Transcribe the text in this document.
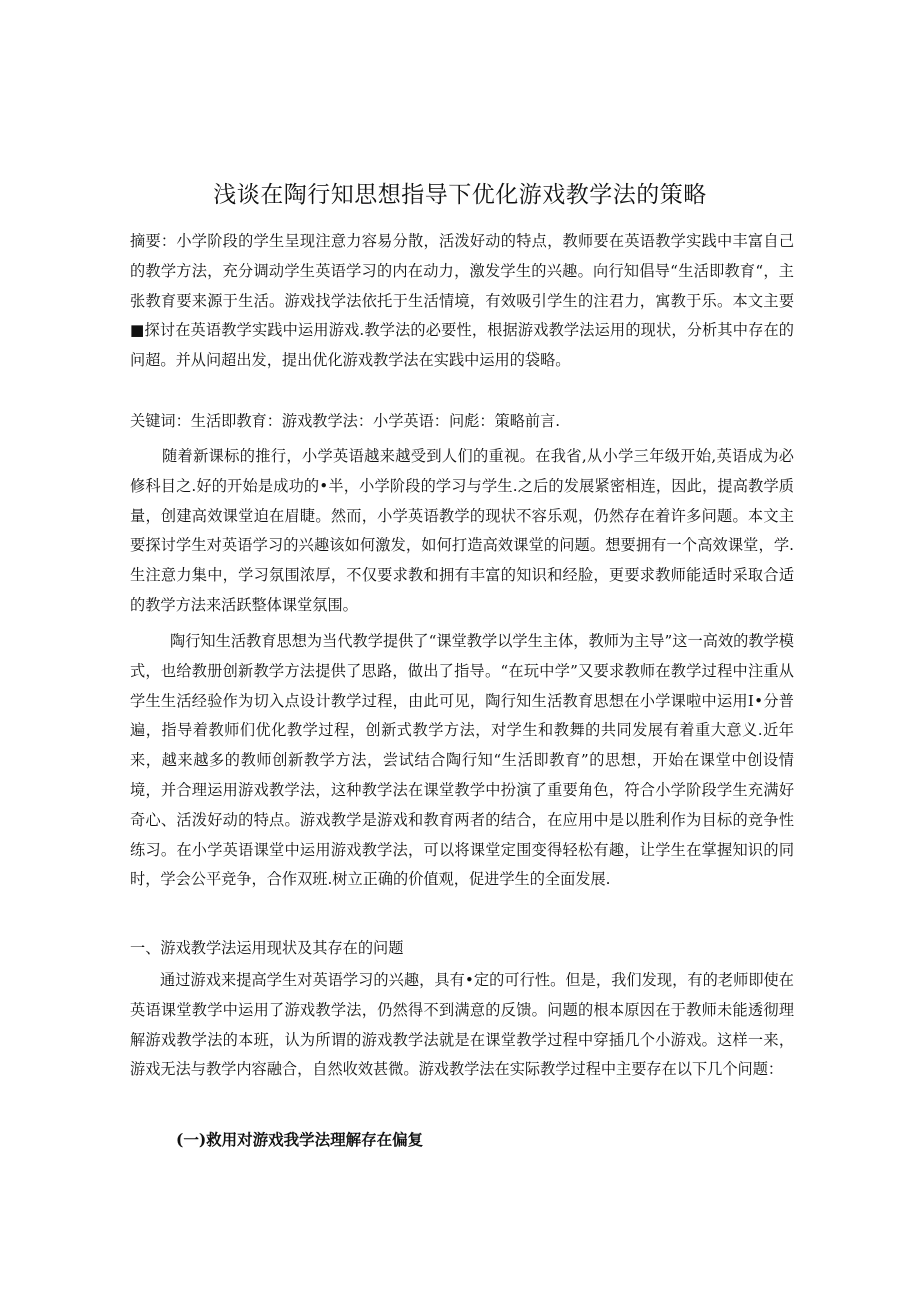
浅谈在陶行知思想指导下优化游戏教学法的策略

摘要：小学阶段的学生呈现注意力容易分散，活泼好动的特点，教师要在英语教学实践中丰富自己的教学方法，充分调动学生英语学习的内在动力，激发学生的兴趣。向行知倡导“生活即教育“，主张教育要来源于生活。游戏找学法依托于生活情境，有效吸引学生的注君力，寓教于乐。本文主要■探讨在英语教学实践中运用游戏.教学法的必要性，根据游戏教学法运用的现状，分析其中存在的问超。并从问超出发，提出优化游戏教学法在实践中运用的袋略。

关键词：生活即教育：游戏教学法：小学英语：问彪：策略前言.

随着新课标的推行，小学英语越来越受到人们的重视。在我省,从小学三年级开始,英语成为必修科目之.好的开始是成功的•半，小学阶段的学习与学生.之后的发展紧密相连，因此，提高教学质量，创建高效课堂迫在眉睫。然而，小学英语教学的现状不容乐观，仍然存在着许多问题。本文主要探讨学生对英语学习的兴趣该如何激发，如何打造高效课堂的问题。想要拥有一个高效课堂，学.生注意力集中，学习氛围浓厚，不仅要求教和拥有丰富的知识和经脸，更要求教师能适时采取合适的教学方法来活跃整体课堂氛围。

陶行知生活教育思想为当代教学提供了“课堂教学以学生主体，教师为主导”这一高效的教学模式，也给教册创新教学方法提供了思路，做出了指导。“在玩中学”又要求教师在教学过程中注重从学生生活经验作为切入点设计教学过程，由此可见，陶行知生活教育思想在小学课啦中运用Ⅰ•分普遍，指导着教师们优化教学过程，创新式教学方法，对学生和教舞的共同发展有着重大意义.近年来，越来越多的教师创新教学方法，尝试结合陶行知“生活即教育”的思想，开始在课堂中创设情境，并合理运用游戏教学法，这种教学法在课堂教学中扮演了重要角色，符合小学阶段学生充满好奇心、活泼好动的特点。游戏教学是游戏和教育两者的结合，在应用中是以胜利作为目标的竞争性练习。在小学英语课堂中运用游戏教学法，可以将课堂定围变得轻松有趣，让学生在掌握知识的同时，学会公平竞争，合作双班.树立正确的价值观，促进学生的全面发展.

一、游戏教学法运用现状及其存在的问题

通过游戏来提高学生对英语学习的兴趣，具有•定的可行性。但是，我们发现，有的老师即使在英语课堂教学中运用了游戏教学法，仍然得不到满意的反馈。问题的根本原因在于教师未能透彻理解游戏教学法的本班，认为所谓的游戏教学法就是在课堂教学过程中穿插几个小游戏。这样一来，游戏无法与教学内容融合，自然收效甚微。游戏教学法在实际教学过程中主要存在以下几个问题：

(一)救用对游戏我学法理解存在偏复
